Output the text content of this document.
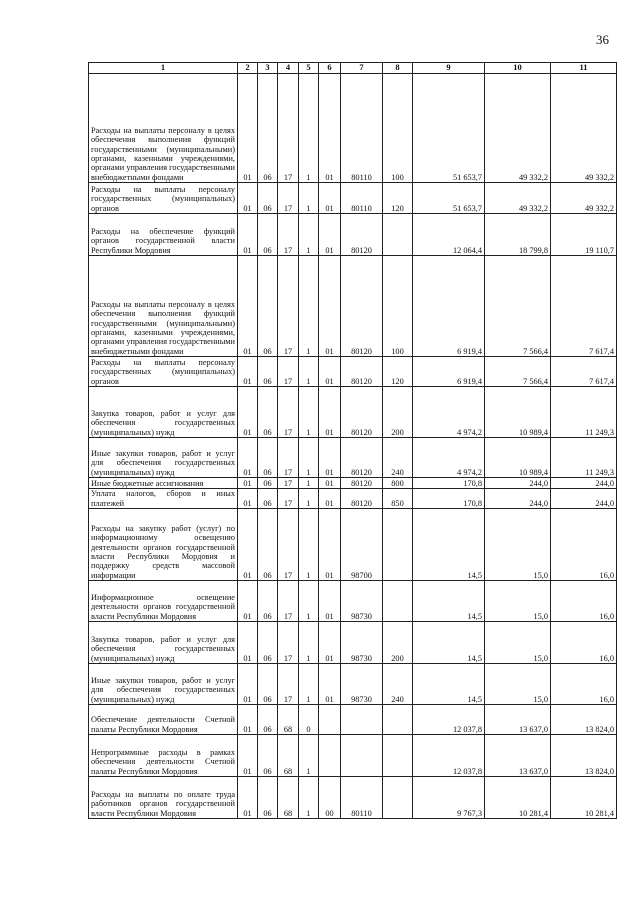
36
1	2	3	4	5	6	7	8	9	10	11
Расходы на выплаты персоналу в целях обеспечения выполнения функций государственными (муниципальными) органами, казенными учреждениями, органами управления государственными внебюджетными фондами	01	06	17	1	01	80110	100	51 653,7	49 332,2	49 332,2
Расходы на выплаты персоналу государственных (муниципальных) органов	01	06	17	1	01	80110	120	51 653,7	49 332,2	49 332,2
Расходы на обеспечение функций органов государственной власти Республики Мордовия	01	06	17	1	01	80120		12 064,4	18 799,8	19 110,7
Расходы на выплаты персоналу в целях обеспечения выполнения функций государственными (муниципальными) органами, казенными учреждениями, органами управления государственными внебюджетными фондами	01	06	17	1	01	80120	100	6 919,4	7 566,4	7 617,4
Расходы на выплаты персоналу государственных (муниципальных) органов	01	06	17	1	01	80120	120	6 919,4	7 566,4	7 617,4
Закупка товаров, работ и услуг для обеспечения государственных (муниципальных) нужд	01	06	17	1	01	80120	200	4 974,2	10 989,4	11 249,3
Иные закупки товаров, работ и услуг для обеспечения государственных (муниципальных) нужд	01	06	17	1	01	80120	240	4 974,2	10 989,4	11 249,3
Иные бюджетные ассигнования	01	06	17	1	01	80120	800	170,8	244,0	244,0
Уплата налогов, сборов и иных платежей	01	06	17	1	01	80120	850	170,8	244,0	244,0
Расходы на закупку работ (услуг) по информационному освещению деятельности органов государственной власти Республики Мордовия и поддержку средств массовой информации	01	06	17	1	01	98700		14,5	15,0	16,0
Информационное освещение деятельности органов государственной власти Республики Мордовия	01	06	17	1	01	98730		14,5	15,0	16,0
Закупка товаров, работ и услуг для обеспечения государственных (муниципальных) нужд	01	06	17	1	01	98730	200	14,5	15,0	16,0
Иные закупки товаров, работ и услуг для обеспечения государственных (муниципальных) нужд	01	06	17	1	01	98730	240	14,5	15,0	16,0
Обеспечение деятельности Счетной палаты Республики Мордовия	01	06	68	0				12 037,8	13 637,0	13 824,0
Непрограммные расходы в рамках обеспечения деятельности Счетной палаты Республики Мордовия	01	06	68	1				12 037,8	13 637,0	13 824,0
Расходы на выплаты по оплате труда работников органов государственной власти Республики Мордовия	01	06	68	1	00	80110		9 767,3	10 281,4	10 281,4
